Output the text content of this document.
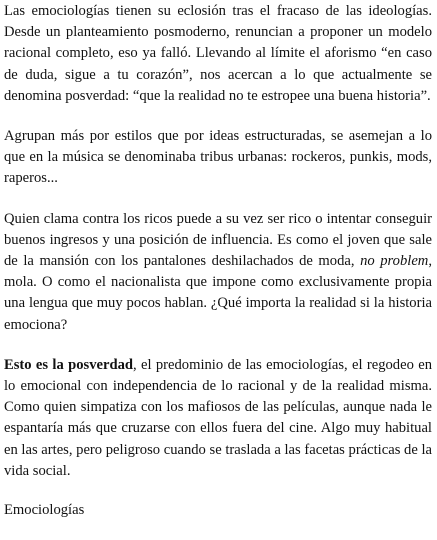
Las emociologías tienen su eclosión tras el fracaso de las ideologías. Desde un planteamiento posmoderno, renuncian a proponer un modelo racional completo, eso ya falló. Llevando al límite el aforismo “en caso de duda, sigue a tu corazón”, nos acercan a lo que actualmente se denomina posverdad: “que la realidad no te estropee una buena historia”.

Agrupan más por estilos que por ideas estructuradas, se asemejan a lo que en la música se denominaba tribus urbanas: rockeros, punkis, mods, raperos...

Quien clama contra los ricos puede a su vez ser rico o intentar conseguir buenos ingresos y una posición de influencia. Es como el joven que sale de la mansión con los pantalones deshilachados de moda, no problem, mola. O como el nacionalista que impone como exclusivamente propia una lengua que muy pocos hablan. ¿Qué importa la realidad si la historia emociona?

Esto es la posverdad, el predominio de las emociologías, el regodeo en lo emocional con independencia de lo racional y de la realidad misma. Como quien simpatiza con los mafiosos de las películas, aunque nada le espantaría más que cruzarse con ellos fuera del cine. Algo muy habitual en las artes, pero peligroso cuando se traslada a las facetas prácticas de la vida social.

Emociologías
